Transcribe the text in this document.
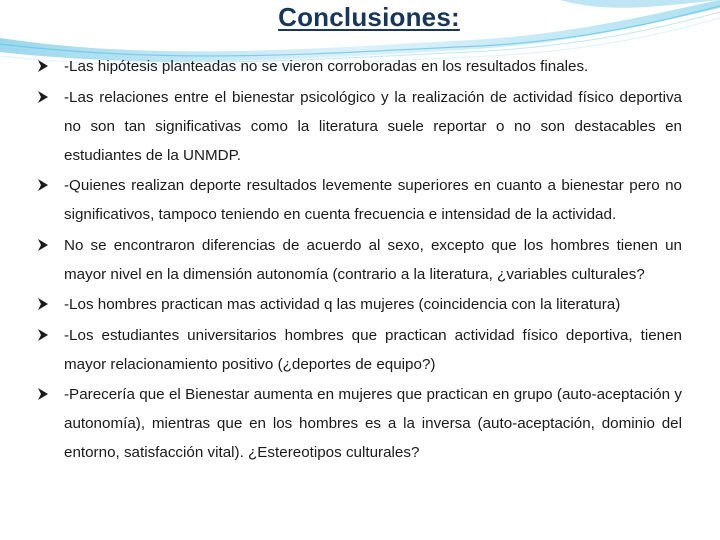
Conclusiones:
-Las hipótesis planteadas no se vieron corroboradas en los resultados finales.
-Las relaciones entre el bienestar psicológico y la realización de actividad físico deportiva no son tan significativas como la literatura suele reportar o no son destacables en estudiantes de la UNMDP.
-Quienes realizan deporte resultados levemente superiores en cuanto a bienestar pero no significativos, tampoco teniendo en cuenta frecuencia e intensidad de la actividad.
No se encontraron diferencias de acuerdo al sexo, excepto que los hombres tienen un mayor nivel en la dimensión autonomía (contrario a la literatura, ¿variables culturales?
-Los hombres practican mas actividad q las mujeres (coincidencia con la literatura)
-Los estudiantes universitarios hombres que practican actividad físico deportiva, tienen mayor relacionamiento positivo (¿deportes de equipo?)
-Parecería que el Bienestar aumenta en mujeres que practican en grupo (auto-aceptación y autonomía), mientras que en los hombres es a la inversa (auto-aceptación, dominio del entorno, satisfacción vital). ¿Estereotipos culturales?
